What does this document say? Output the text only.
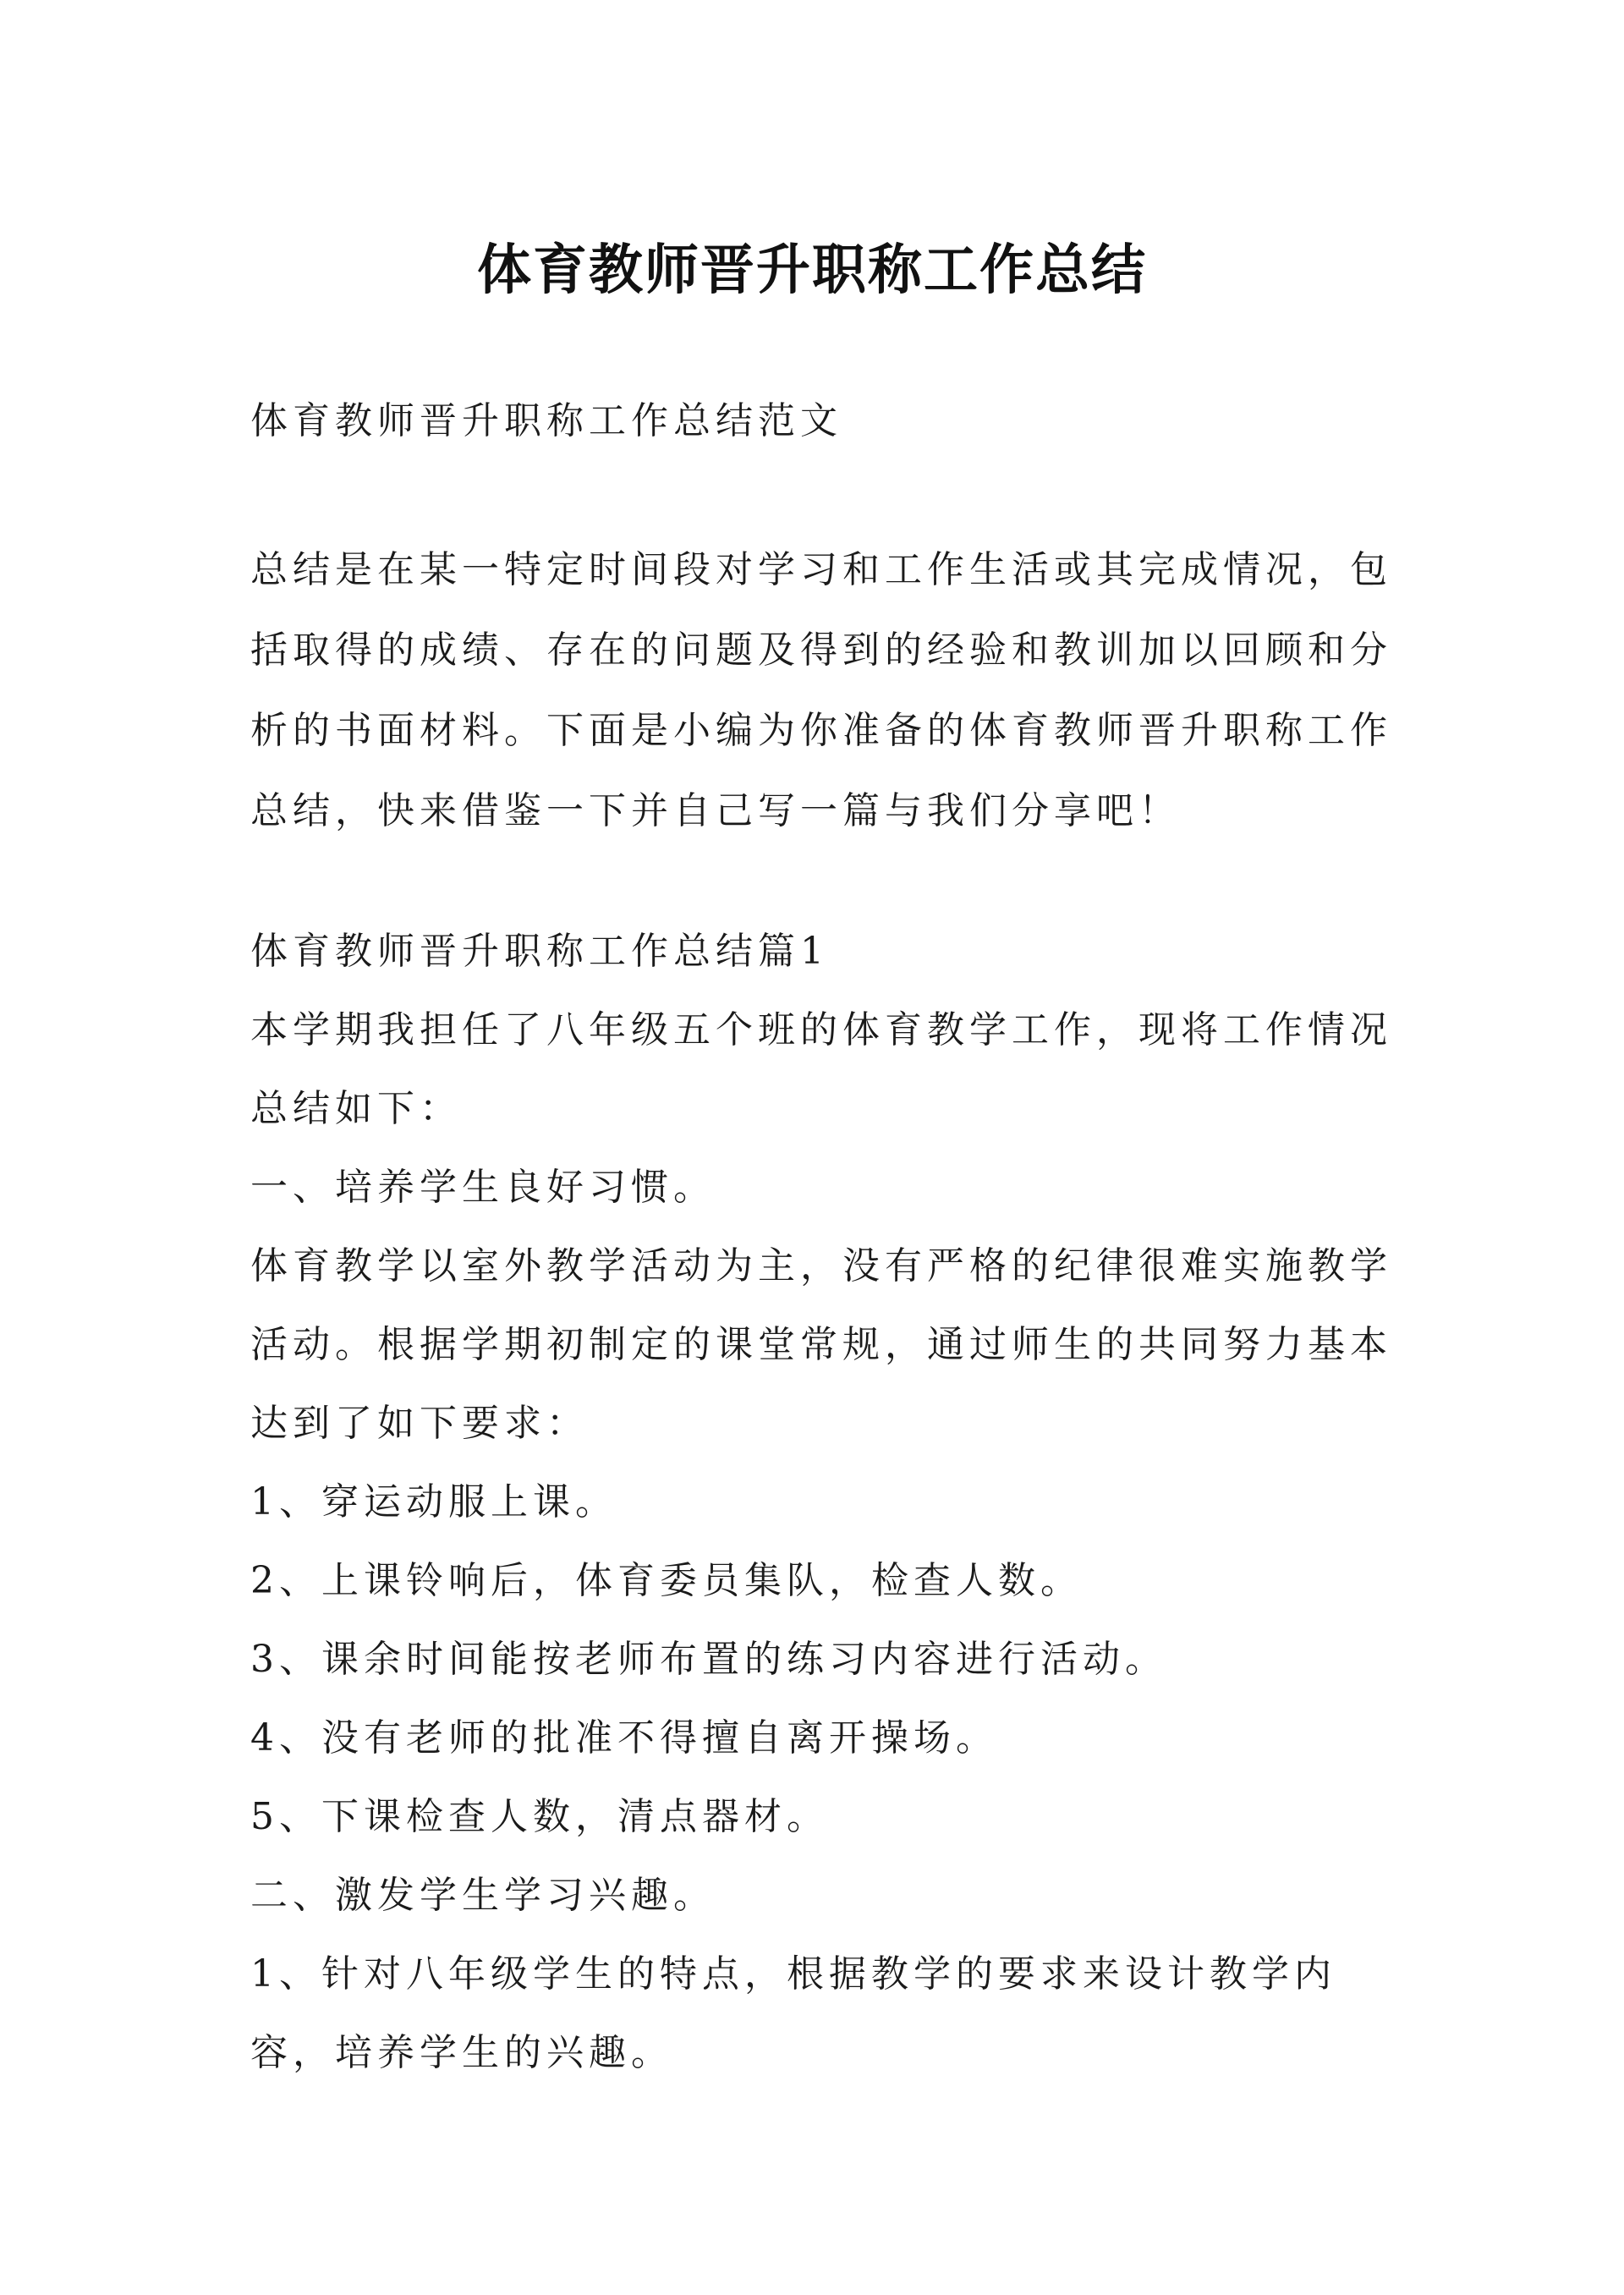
体育教师晋升职称工作总结

体育教师晋升职称工作总结范文

总结是在某一特定时间段对学习和工作生活或其完成情况，包括取得的成绩、存在的问题及得到的经验和教训加以回顾和分析的书面材料。下面是小编为你准备的体育教师晋升职称工作总结，快来借鉴一下并自己写一篇与我们分享吧！

体育教师晋升职称工作总结篇1

本学期我担任了八年级五个班的体育教学工作，现将工作情况总结如下：

一、培养学生良好习惯。

体育教学以室外教学活动为主，没有严格的纪律很难实施教学活动。根据学期初制定的课堂常规，通过师生的共同努力基本达到了如下要求：

1、穿运动服上课。

2、上课铃响后，体育委员集队，检查人数。

3、课余时间能按老师布置的练习内容进行活动。

4、没有老师的批准不得擅自离开操场。

5、下课检查人数，清点器材。

二、激发学生学习兴趣。

1、针对八年级学生的特点，根据教学的要求来设计教学内容，培养学生的兴趣。
